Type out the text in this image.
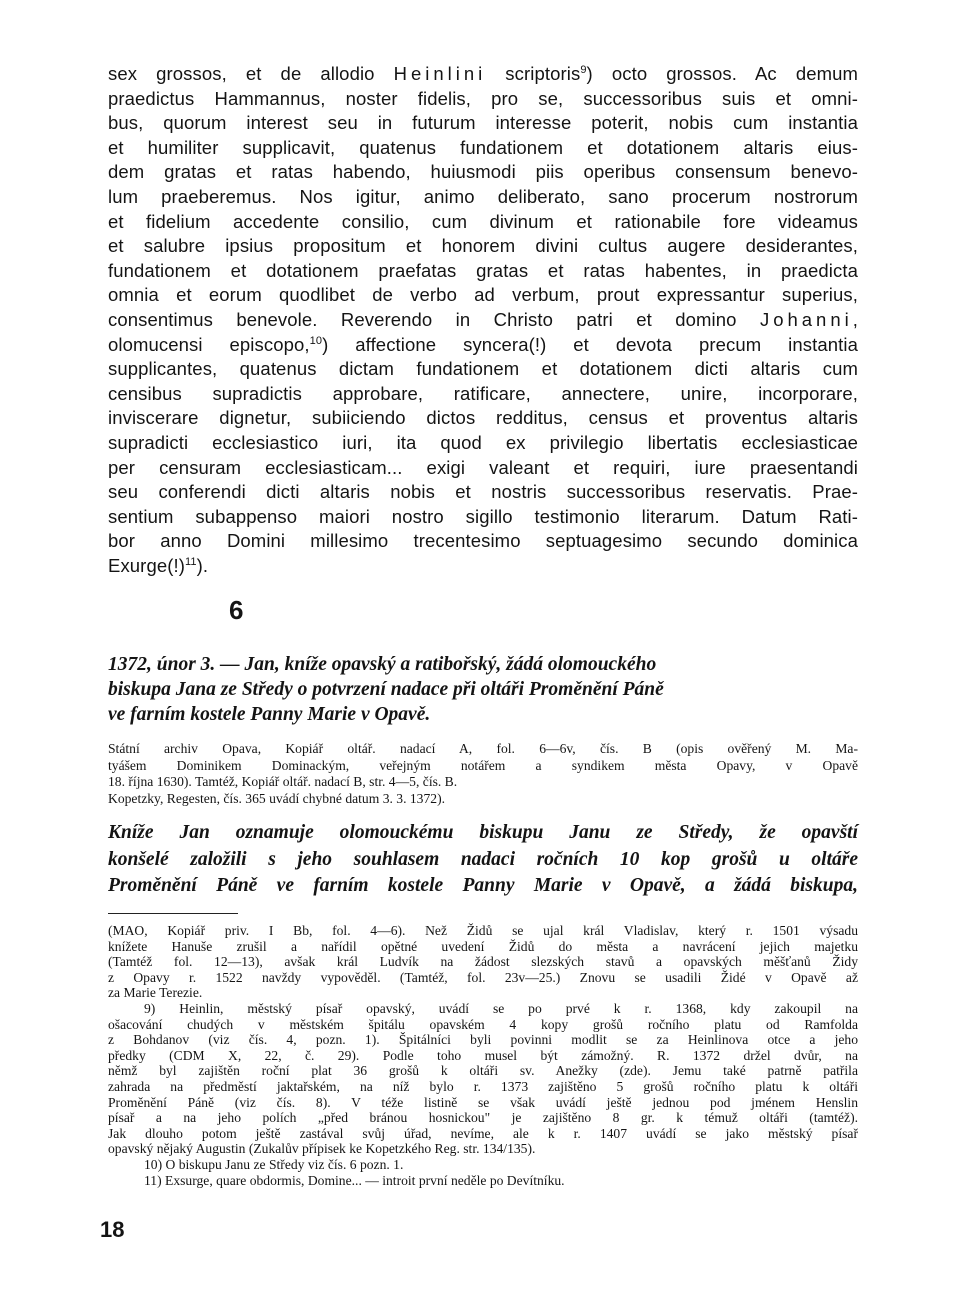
sex grossos, et de allodio Heinlini scriptoris$^9$) octo grossos. Ac demum
praedictus Hammannus, noster fidelis, pro se, successoribus suis et omni-
bus, quorum interest seu in futurum interesse poterit, nobis cum instantia
et humiliter supplicavit, quatenus fundationem et dotationem altaris eius-
dem gratas et ratas habendo, huiusmodi piis operibus consensum benevo-
lum praeberemus. Nos igitur, animo deliberato, sano procerum nostrorum
et fidelium accedente consilio, cum divinum et rationabile fore videamus
et salubre ipsius propositum et honorem divini cultus augere desiderantes,
fundationem et dotationem praefatas gratas et ratas habentes, in praedicta
omnia et eorum quodlibet de verbo ad verbum, prout expressantur superius,
consentimus benevole. Reverendo in Christo patri et domino Johanni,
olomucensi episcopo,$^{10}$) affectione syncera(!) et devota precum instantia
supplicantes, quatenus dictam fundationem et dotationem dicti altaris cum
censibus supradictis approbare, ratificare, annectere, unire, incorporare,
inviscerare dignetur, subiiciendo dictos redditus, census et proventus altaris
supradicti ecclesiastico iuri, ita quod ex privilegio libertatis ecclesiasticae
per censuram ecclesiasticam... exigi valeant et requiri, iure praesentandi
seu conferendi dicti altaris nobis et nostris successoribus reservatis. Prae-
sentium subappenso maiori nostro sigillo testimonio literarum. Datum Rati-
bor anno Domini millesimo trecentesimo septuagesimo secundo dominica
Exurge(!)$^{11}$).
6
1372, únor 3. — Jan, kníže opavský a ratibořský, žádá olomouckého
biskupa Jana ze Středy o potvrzení nadace při oltáři Proměnění Páně
ve farním kostele Panny Marie v Opavě.
Státní archiv Opava, Kopiář oltář. nadací A, fol. 6—6v, čís. B (opis ověřený M. Ma-
tyášem Dominikem Dominackým, veřejným notářem a syndikem města Opavy, v Opavě
18. října 1630). Tamtéž, Kopiář oltář. nadací B, str. 4—5, čís. B.
Kopetzky, Regesten, čís. 365 uvádí chybné datum 3. 3. 1372).
Kníže Jan oznamuje olomouckému biskupu Janu ze Středy, že opavští
konšelé založili s jeho souhlasem nadaci ročních 10 kop grošů u oltáře
Proměnění Páně ve farním kostele Panny Marie v Opavě, a žádá biskupa,
(MAO, Kopiář priv. I Bb, fol. 4—6). Než Židů se ujal král Vladislav, který r. 1501 výsadu
knížete Hanuše zrušil a nařídil opětné uvedení Židů do města a navrácení jejich majetku
(Tamtéž fol. 12—13), avšak král Ludvík na žádost slezských stavů a opavských měšťanů Židy
z Opavy r. 1522 navždy vypověděl. (Tamtéž, fol. 23v—25.) Znovu se usadili Židé v Opavě až
za Marie Terezie.
9) Heinlin, městský písař opavský, uvádí se po prvé k r. 1368, kdy zakoupil na
ošacování chudých v městském špitálu opavském 4 kopy grošů ročního platu od Ramfolda
z Bohdanov (viz čís. 4, pozn. 1). Špitálníci byli povinni modlit se za Heinlinova otce a jeho
předky (CDM X, 22, č. 29). Podle toho musel být zámožný. R. 1372 držel dvůr, na
němž byl zajištěn roční plat 36 grošů k oltáři sv. Anežky (zde). Jemu také patrně patřila
zahrada na předměstí jaktařském, na níž bylo r. 1373 zajištěno 5 grošů ročního platu k oltáři
Proměnění Páně (viz čís. 8). V téže listině se však uvádí ještě jednou pod jménem Henslin
písař a na jeho polích „před bránou hosnickou" je zajištěno 8 gr. k témuž oltáři (tamtéž).
Jak dlouho potom ještě zastával svůj úřad, nevíme, ale k r. 1407 uvádí se jako městský písař
opavský nějaký Augustin (Zukalův přípisek ke Kopetzkého Reg. str. 134/135).
10) O biskupu Janu ze Středy viz čís. 6 pozn. 1.
11) Exsurge, quare obdormis, Domine... — introit první neděle po Devítníku.
18
